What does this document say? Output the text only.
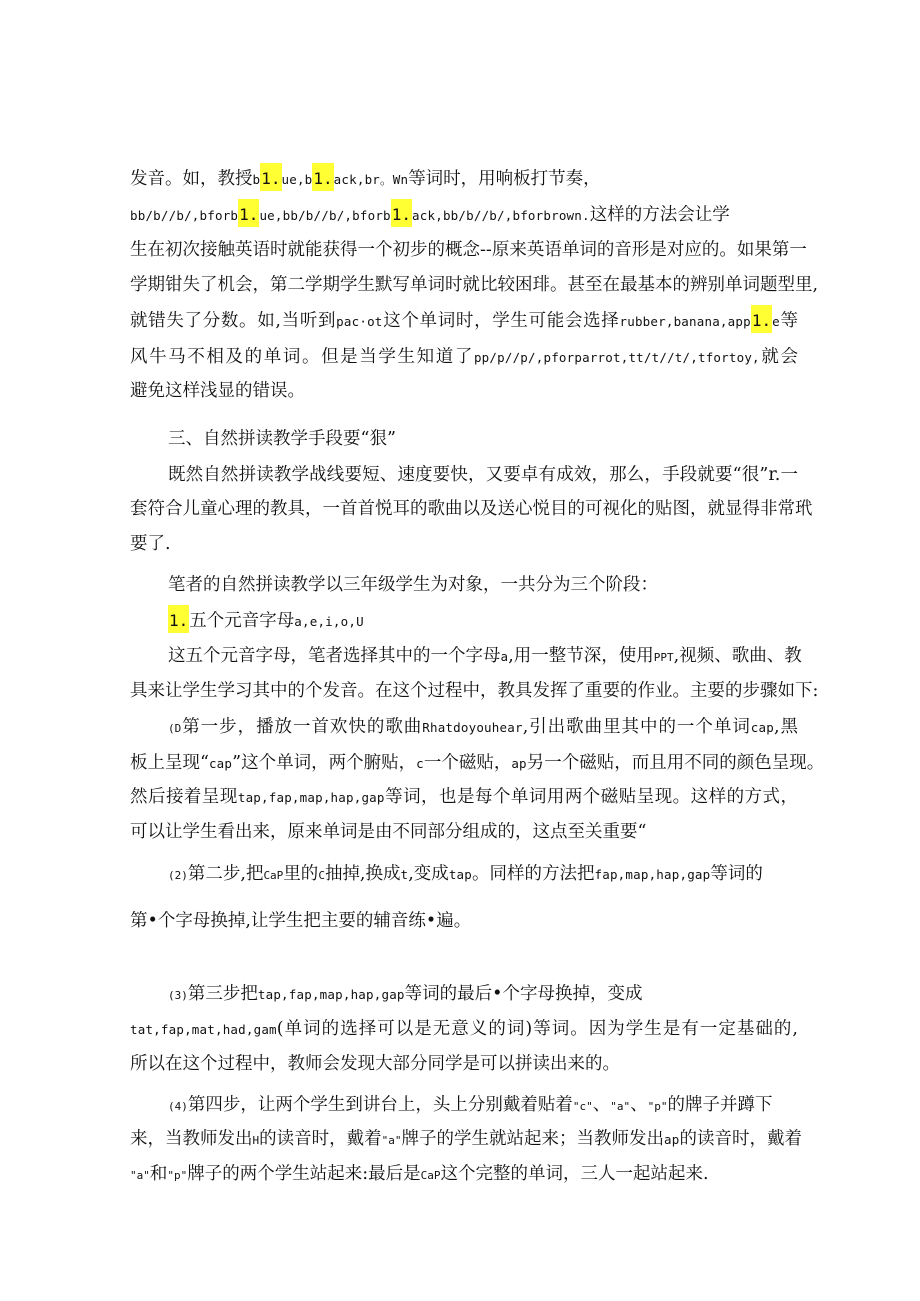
发音。如，教授b1.ue,b1.ack,br。Wn等词时，用响板打节奏，
bb∕b∕∕b∕,bforb1.ue,bb∕b∕∕b∕,bforb1.ack,bb∕b∕∕b∕,bforbrown.这样的方法会让学
生在初次接触英语时就能获得一个初步的概念--原来英语单词的音形是对应的。如果第一
学期钳失了机会，第二学期学生默写单词时就比较困琲。甚至在最基本的辨别单词题型里,
就错失了分数。如,当听到pac·ot这个单词时，学生可能会选择rubber,banana,app1.e等
风牛马不相及的单词。但是当学生知道了pp∕p∕∕p∕,pforparrot,tt∕t∕∕t∕,tfortoy,就会
避免这样浅显的错误。
三、自然拼读教学手段要“狠”
既然自然拼读教学战线要短、速度要快，又要卓有成效，那么，手段就要“很”r.一
套符合儿童心理的教具，一首首悦耳的歌曲以及送心悦目的可视化的贴图，就显得非常玳
要了.
笔者的自然拼读教学以三年级学生为对象，一共分为三个阶段：
1.五个元音字母a,e,i,o,U
这五个元音字母，笔者选择其中的一个字母a,用一整节深，使用PPT,视频、歌曲、教
具来让学生学习其中的个发音。在这个过程中，教具发挥了重要的作业。主要的步骤如下:
(D第一步，播放一首欢快的歌曲Rhatdoyouhear,引出歌曲里其中的一个单词cap,黑
板上呈现“cap”这个单词，两个腑贴，c一个磁贴，ap另一个磁贴，而且用不同的颜色呈现。
然后接着呈现tap,fap,map,hap,gap等词，也是每个单词用两个磁贴呈现。这样的方式，
可以让学生看出来，原来单词是由不同部分组成的，这点至关重要“
(2)第二步,把CaP里的C抽掉,换成t,变成tap。同样的方法把fap,map,hap,gap等词的
第•个字母换掉,让学生把主要的辅音练•遍。
(3)第三步把tap,fap,map,hap,gap等词的最后•个字母换掉，变成
tat,fap,mat,had,gam(单词的选择可以是无意义的词)等词。因为学生是有一定基础的,
所以在这个过程中，教师会发现大部分同学是可以拼读出来的。
(4)第四步，让两个学生到讲台上，头上分别戴着贴着"c"、"a"、"p"的牌子并蹲下
来，当教师发出H的读音时，戴着"a"牌子的学生就站起来；当教师发出ap的读音时，戴着
"a"和"p"牌子的两个学生站起来:最后是CaP这个完整的单词，三人一起站起来.
